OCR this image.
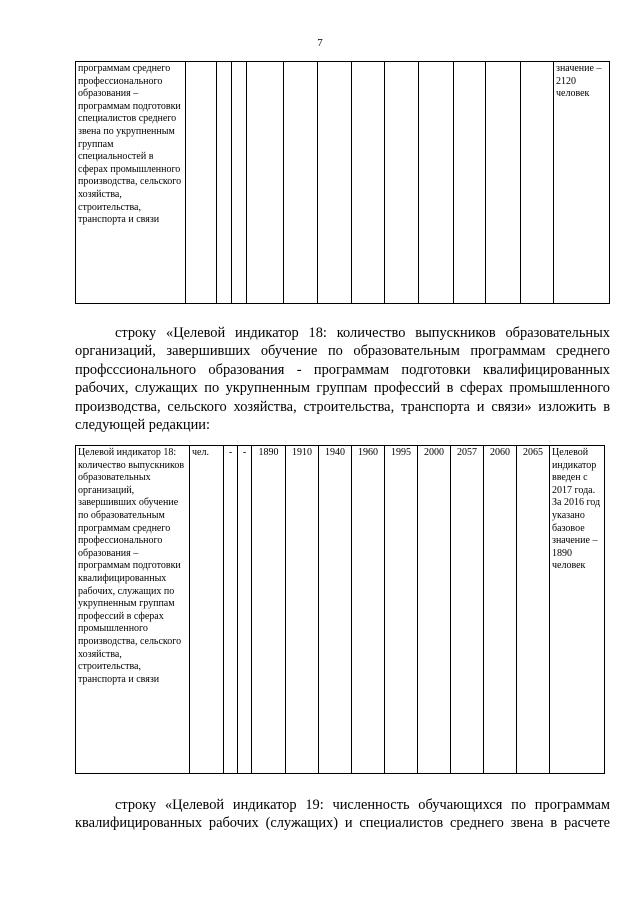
7
программам среднего профессионального образования – программам подготовки специалистов среднего звена по укрупненным группам специальностей в сферах промышленного производства, сельского хозяйства, строительства, транспорта и связи													значение – 2120 человек

строку «Целевой индикатор 18: количество выпускников образовательных организаций, завершивших обучение по образовательным программам среднего профсссионального образования - программам подготовки квалифицированных рабочих, служащих по укрупненным группам профессий в сферах промышленного производства, сельского хозяйства, строительства, транспорта и связи» изложить в следующей редакции:

Целевой индикатор 18: количество выпускников образовательных организаций, завершивших обучение по образовательным программам среднего профессионального образования – программам подготовки квалифицированных рабочих, служащих по укрупненным группам профессий в сферах промышленного производства, сельского хозяйства, строительства, транспорта и связи	чел.	-	-	1890	1910	1940	1960	1995	2000	2057	2060	2065	Целевой индикатор введен с 2017 года. За 2016 год указано базовое значение – 1890 человек

строку «Целевой индикатор 19: численность обучающихся по программам квалифицированных рабочих (служащих) и специалистов среднего звена в расчете
